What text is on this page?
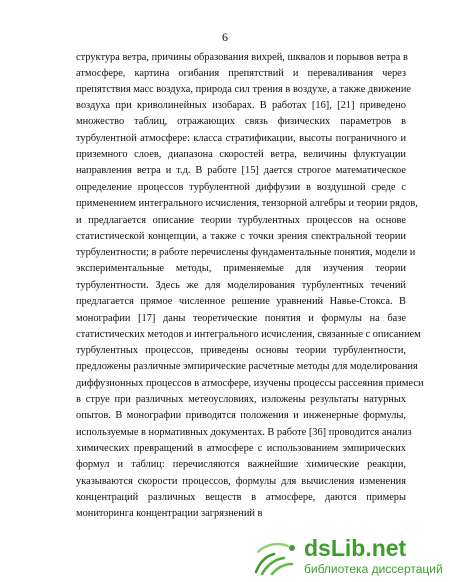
6
структура ветра, причины образования вихрей, шквалов и порывов ветра в
атмосфере, картина огибания препятствий и переваливания через
препятствия масс воздуха, природа сил трения в воздухе, а также движение
воздуха при криволинейных изобарах. В работах [16], [21] приведено
множество таблиц, отражающих связь физических параметров в
турбулентной атмосфере: класса стратификации, высоты пограничного и
приземного слоев, диапазона скоростей ветра, величины флуктуации
направления ветра и т.д. В работе [15] дается строгое математическое
определение процессов турбулентной диффузии в воздушной среде с
применением интегрального исчисления, тензорной алгебры и теории рядов,
и предлагается описание теории турбулентных процессов на основе
статистической концепции, а также с точки зрения спектральной теории
турбулентности; в работе перечислены фундаментальные понятия, модели и
экспериментальные методы, применяемые для изучения теории
турбулентности. Здесь же для моделирования турбулентных течений
предлагается прямое численное решение уравнений Навье-Стокса. В
монографии [17] даны теоретические понятия и формулы на базе
статистических методов и интегрального исчисления, связанные с описанием
турбулентных процессов, приведены основы теории турбулентности,
предложены различные эмпирические расчетные методы для моделирования
диффузионных процессов в атмосфере, изучены процессы рассеяния примеси
в струе при различных метеоусловиях, изложены результаты натурных
опытов. В монографии приводятся положения и инженерные формулы,
используемые в нормативных документах. В работе [36] проводится анализ
химических превращений в атмосфере с использованием эмпирических
формул и таблиц: перечисляются важнейшие химические реакции,
указываются скорости процессов, формулы для вычисления изменения
концентраций различных веществ в атмосфере, даются примеры
мониторинга концентрации загрязнений в
dsLib.net
библиотека диссертаций
